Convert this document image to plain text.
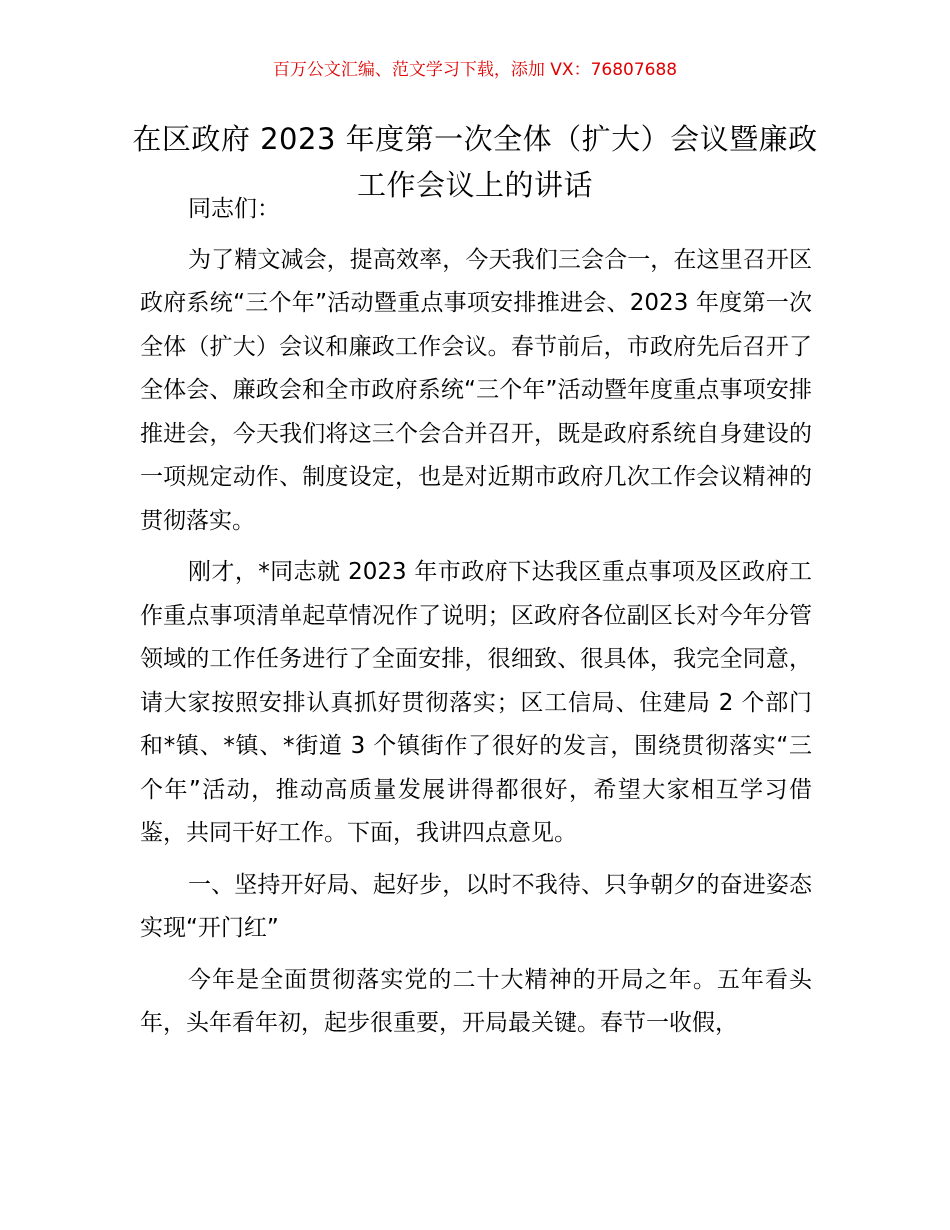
百万公文汇编、范文学习下载，添加 VX：76807688
在区政府 2023 年度第一次全体（扩大）会议暨廉政工作会议上的讲话

同志们：

为了精文减会，提高效率，今天我们三会合一，在这里召开区政府系统“三个年”活动暨重点事项安排推进会、2023 年度第一次全体（扩大）会议和廉政工作会议。春节前后，市政府先后召开了全体会、廉政会和全市政府系统“三个年”活动暨年度重点事项安排推进会，今天我们将这三个会合并召开，既是政府系统自身建设的一项规定动作、制度设定，也是对近期市政府几次工作会议精神的贯彻落实。

刚才，*同志就 2023 年市政府下达我区重点事项及区政府工作重点事项清单起草情况作了说明；区政府各位副区长对今年分管领域的工作任务进行了全面安排，很细致、很具体，我完全同意，请大家按照安排认真抓好贯彻落实；区工信局、住建局 2 个部门和*镇、*镇、*街道 3 个镇街作了很好的发言，围绕贯彻落实“三个年”活动，推动高质量发展讲得都很好，希望大家相互学习借鉴，共同干好工作。下面，我讲四点意见。

一、坚持开好局、起好步，以时不我待、只争朝夕的奋进姿态实现“开门红”

今年是全面贯彻落实党的二十大精神的开局之年。五年看头年，头年看年初，起步很重要，开局最关键。春节一收假，
